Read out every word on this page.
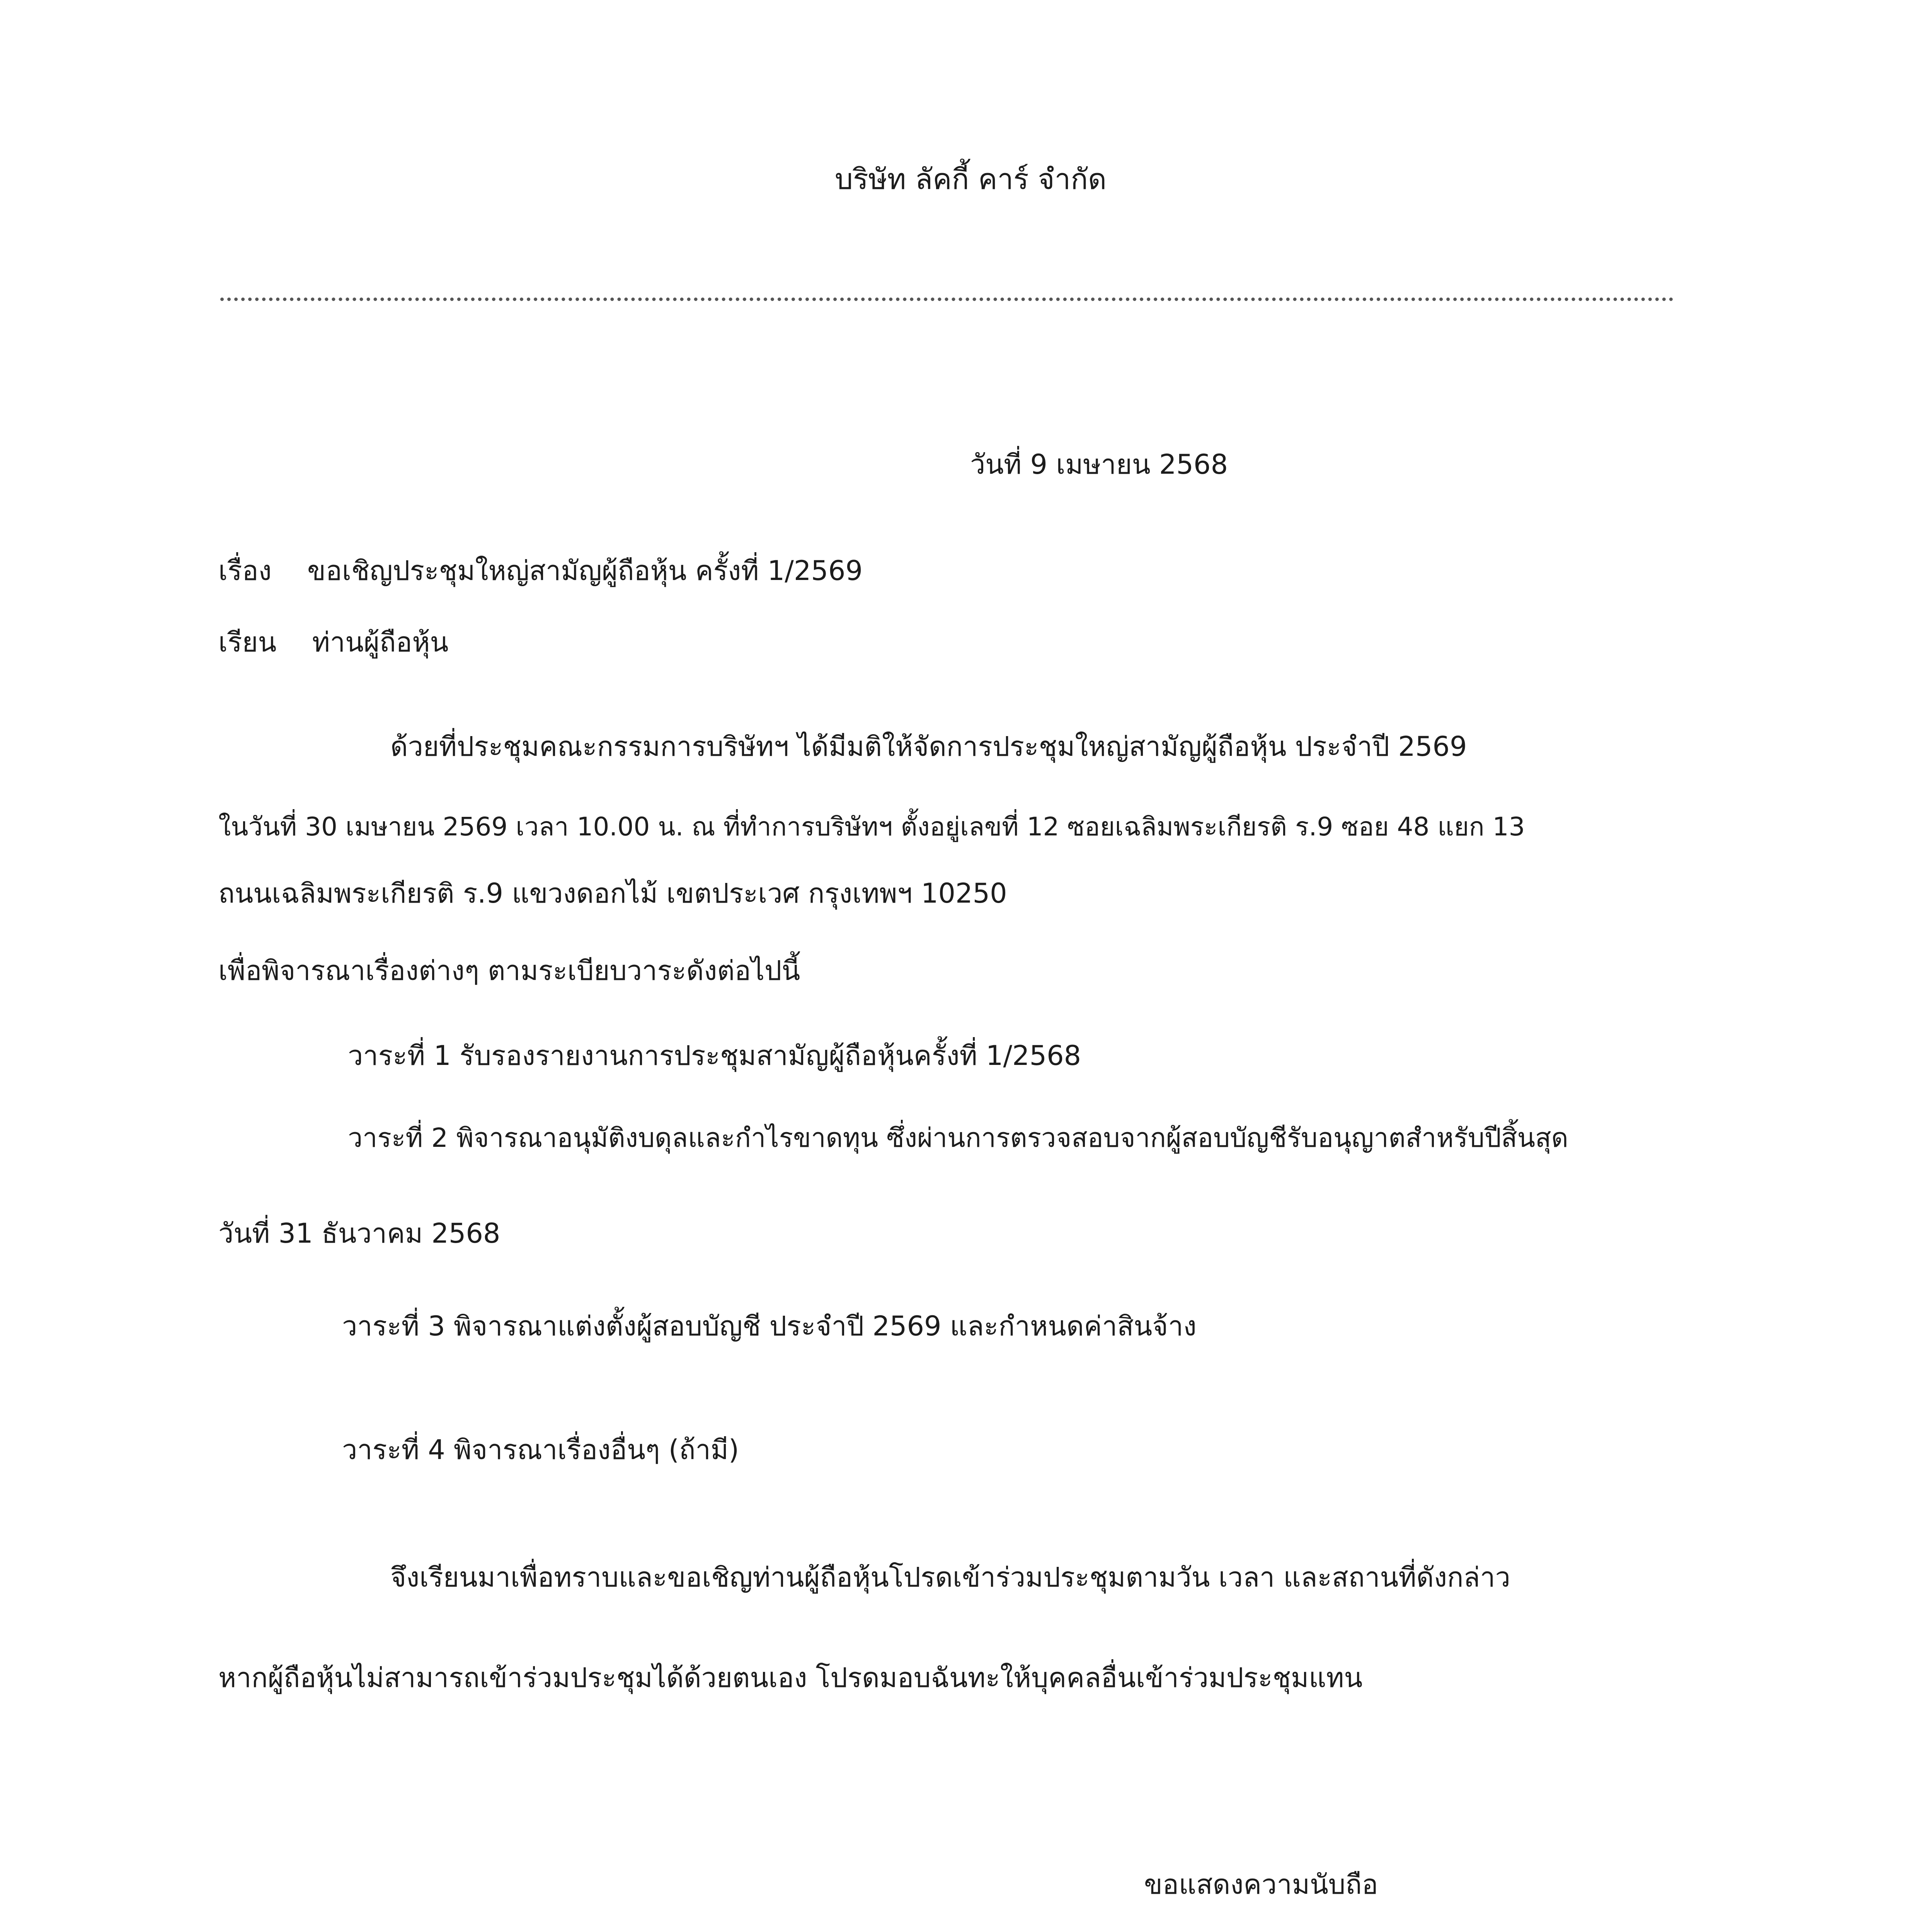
บริษัท ลัคกี้ คาร์ จำกัด
วันที่ 9 เมษายน 2568
เรื่อง ขอเชิญประชุมใหญ่สามัญผู้ถือหุ้น ครั้งที่ 1/2569
เรียน ท่านผู้ถือหุ้น
ด้วยที่ประชุมคณะกรรมการบริษัทฯ ได้มีมติให้จัดการประชุมใหญ่สามัญผู้ถือหุ้น ประจำปี 2569
ในวันที่ 30 เมษายน 2569 เวลา 10.00 น. ณ ที่ทำการบริษัทฯ ตั้งอยู่เลขที่ 12 ซอยเฉลิมพระเกียรติ ร.9 ซอย 48 แยก 13
ถนนเฉลิมพระเกียรติ ร.9 แขวงดอกไม้ เขตประเวศ กรุงเทพฯ 10250
เพื่อพิจารณาเรื่องต่างๆ ตามระเบียบวาระดังต่อไปนี้
วาระที่ 1 รับรองรายงานการประชุมสามัญผู้ถือหุ้นครั้งที่ 1/2568
วาระที่ 2 พิจารณาอนุมัติงบดุลและกำไรขาดทุน ซึ่งผ่านการตรวจสอบจากผู้สอบบัญชีรับอนุญาตสำหรับปีสิ้นสุด
วันที่ 31 ธันวาคม 2568
วาระที่ 3 พิจารณาแต่งตั้งผู้สอบบัญชี ประจำปี 2569 และกำหนดค่าสินจ้าง
วาระที่ 4 พิจารณาเรื่องอื่นๆ (ถ้ามี)
จึงเรียนมาเพื่อทราบและขอเชิญท่านผู้ถือหุ้นโปรดเข้าร่วมประชุมตามวัน เวลา และสถานที่ดังกล่าว
หากผู้ถือหุ้นไม่สามารถเข้าร่วมประชุมได้ด้วยตนเอง โปรดมอบฉันทะให้บุคคลอื่นเข้าร่วมประชุมแทน
ขอแสดงความนับถือ
